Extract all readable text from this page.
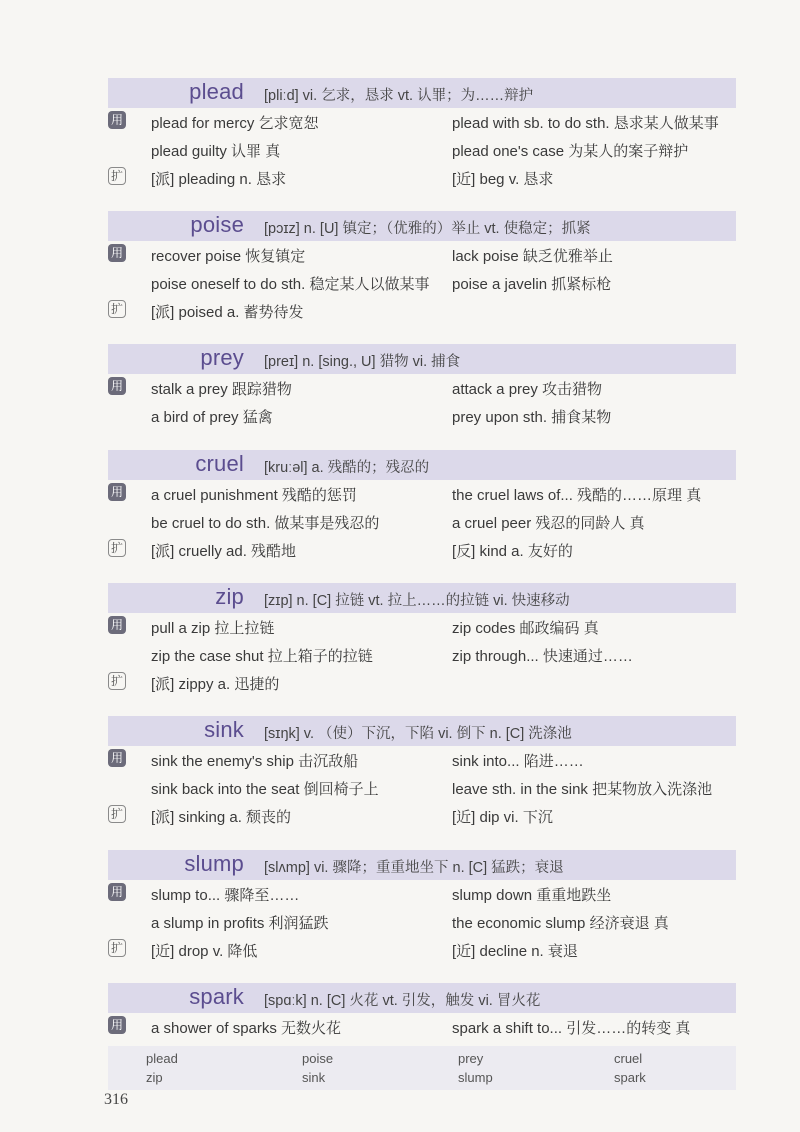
plead [pliːd] vi. 乞求，恳求 vt. 认罪；为……辩护
用 plead for mercy 乞求宽恕	plead with sb. to do sth. 恳求某人做某事
plead guilty 认罪 真	plead one's case 为某人的案子辩护
扩 [派] pleading n. 恳求	[近] beg v. 恳求
poise [pɔɪz] n. [U] 镇定；（优雅的）举止 vt. 使稳定；抓紧
用 recover poise 恢复镇定	lack poise 缺乏优雅举止
poise oneself to do sth. 稳定某人以做某事 poise a javelin 抓紧标枪
扩 [派] poised a. 蓄势待发
prey [preɪ] n. [sing., U] 猎物 vi. 捕食
用 stalk a prey 跟踪猎物	attack a prey 攻击猎物
a bird of prey 猛禽	prey upon sth. 捕食某物
cruel [kruːəl] a. 残酷的；残忍的
用 a cruel punishment 残酷的惩罚	the cruel laws of... 残酷的……原理 真
be cruel to do sth. 做某事是残忍的	a cruel peer 残忍的同龄人 真
扩 [派] cruelly ad. 残酷地	[反] kind a. 友好的
zip [zɪp] n. [C] 拉链 vt. 拉上……的拉链 vi. 快速移动
用 pull a zip 拉上拉链	zip codes 邮政编码 真
zip the case shut 拉上箱子的拉链	zip through... 快速通过……
扩 [派] zippy a. 迅捷的
sink [sɪŋk] v. （使）下沉，下陷 vi. 倒下 n. [C] 洗涤池
用 sink the enemy's ship 击沉敌船	sink into... 陷进……
sink back into the seat 倒回椅子上	leave sth. in the sink 把某物放入洗涤池
扩 [派] sinking a. 颓丧的	[近] dip vi. 下沉
slump [slʌmp] vi. 骤降；重重地坐下 n. [C] 猛跌；衰退
用 slump to... 骤降至……	slump down 重重地跌坐
a slump in profits 利润猛跌	the economic slump 经济衰退 真
扩 [近] drop v. 降低	[近] decline n. 衰退
spark [spɑːk] n. [C] 火花 vt. 引发，触发 vi. 冒火花
用 a shower of sparks 无数火花	spark a shift to... 引发……的转变 真
plead	poise	prey	cruel
zip	sink	slump	spark
316
